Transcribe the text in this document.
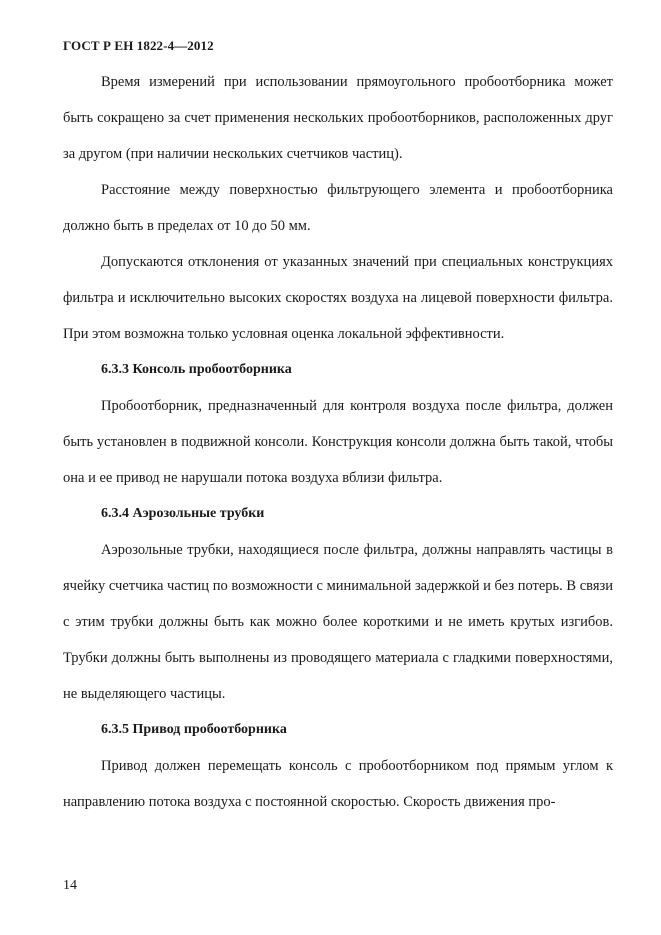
ГОСТ Р ЕН 1822-4—2012

Время измерений при использовании прямоугольного пробоотборника может быть сокращено за счет применения нескольких пробоотборников, расположенных друг за другом (при наличии нескольких счетчиков частиц).

Расстояние между поверхностью фильтрующего элемента и пробоотборника должно быть в пределах от 10 до 50 мм.

Допускаются отклонения от указанных значений при специальных конструкциях фильтра и исключительно высоких скоростях воздуха на лицевой поверхности фильтра. При этом возможна только условная оценка локальной эффективности.

6.3.3 Консоль пробоотборника

Пробоотборник, предназначенный для контроля воздуха после фильтра, должен быть установлен в подвижной консоли. Конструкция консоли должна быть такой, чтобы она и ее привод не нарушали потока воздуха вблизи фильтра.

6.3.4 Аэрозольные трубки

Аэрозольные трубки, находящиеся после фильтра, должны направлять частицы в ячейку счетчика частиц по возможности с минимальной задержкой и без потерь. В связи с этим трубки должны быть как можно более короткими и не иметь крутых изгибов. Трубки должны быть выполнены из проводящего материала с гладкими поверхностями, не выделяющего частицы.

6.3.5 Привод пробоотборника

Привод должен перемещать консоль с пробоотборником под прямым углом к направлению потока воздуха с постоянной скоростью. Скорость движения про-

14
